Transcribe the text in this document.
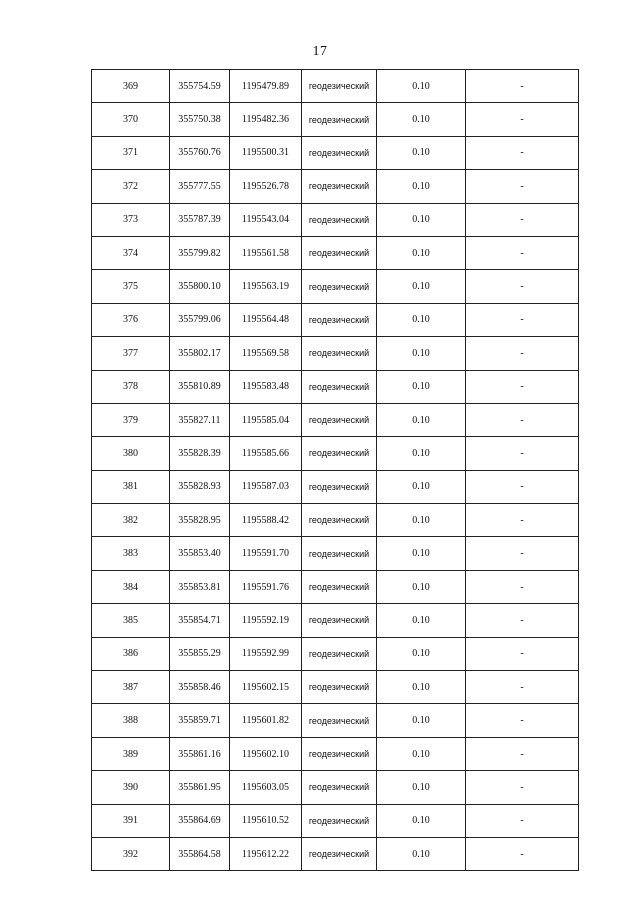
17
369	355754.59	1195479.89	геодезический	0.10	-
370	355750.38	1195482.36	геодезический	0.10	-
371	355760.76	1195500.31	геодезический	0.10	-
372	355777.55	1195526.78	геодезический	0.10	-
373	355787.39	1195543.04	геодезический	0.10	-
374	355799.82	1195561.58	геодезический	0.10	-
375	355800.10	1195563.19	геодезический	0.10	-
376	355799.06	1195564.48	геодезический	0.10	-
377	355802.17	1195569.58	геодезический	0.10	-
378	355810.89	1195583.48	геодезический	0.10	-
379	355827.11	1195585.04	геодезический	0.10	-
380	355828.39	1195585.66	геодезический	0.10	-
381	355828.93	1195587.03	геодезический	0.10	-
382	355828.95	1195588.42	геодезический	0.10	-
383	355853.40	1195591.70	геодезический	0.10	-
384	355853.81	1195591.76	геодезический	0.10	-
385	355854.71	1195592.19	геодезический	0.10	-
386	355855.29	1195592.99	геодезический	0.10	-
387	355858.46	1195602.15	геодезический	0.10	-
388	355859.71	1195601.82	геодезический	0.10	-
389	355861.16	1195602.10	геодезический	0.10	-
390	355861.95	1195603.05	геодезический	0.10	-
391	355864.69	1195610.52	геодезический	0.10	-
392	355864.58	1195612.22	геодезический	0.10	-
